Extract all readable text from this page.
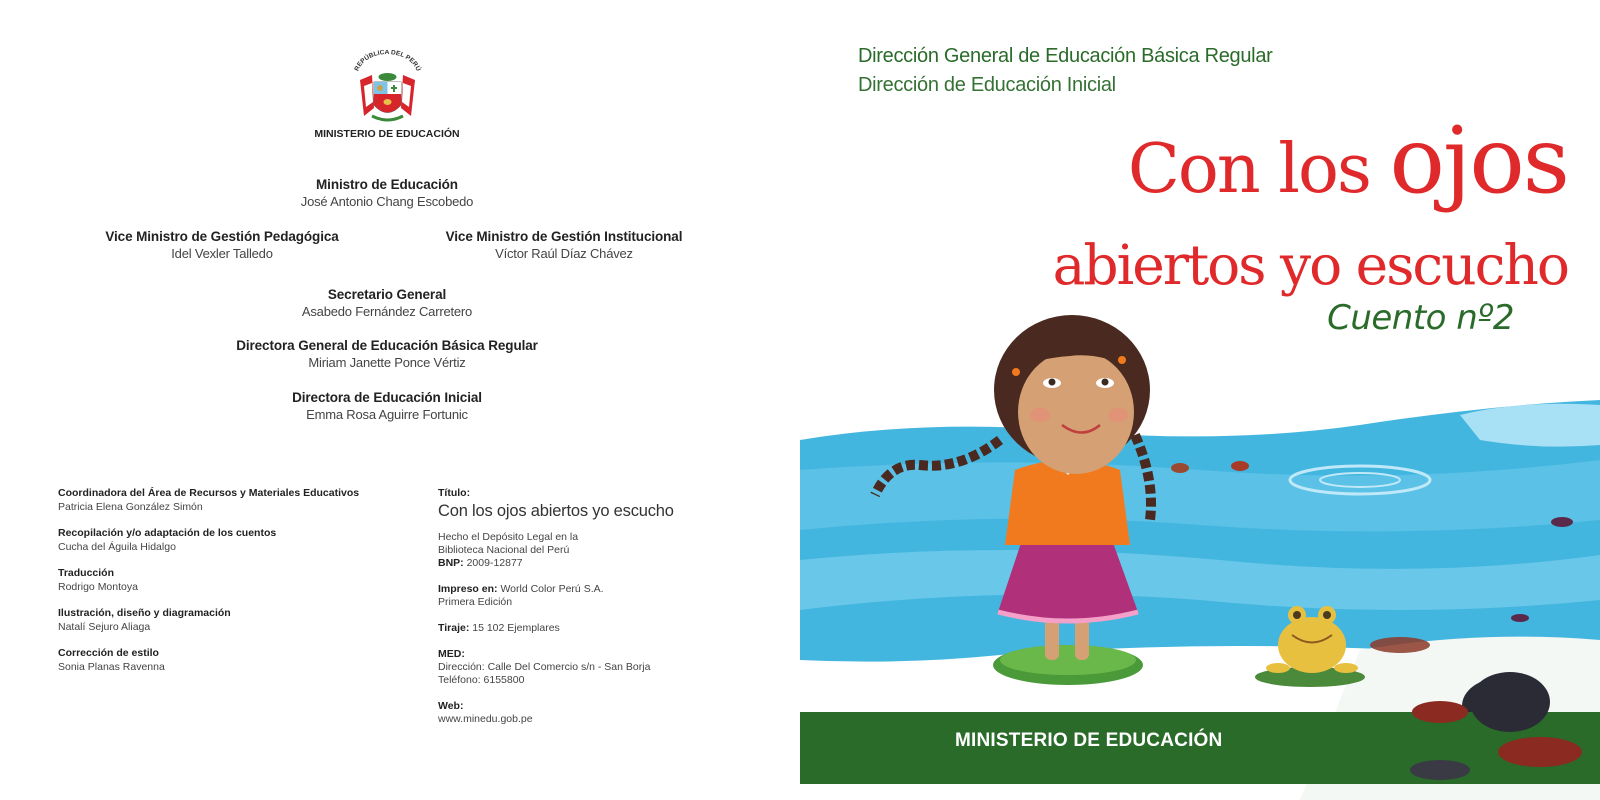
REPÚBLICA DEL PERÚ
MINISTERIO DE EDUCACIÓN
Ministro de Educación
José Antonio Chang Escobedo
Vice Ministro de Gestión Pedagógica
Idel Vexler Talledo
Vice Ministro de Gestión Institucional
Víctor Raúl Díaz Chávez
Secretario General
Asabedo Fernández Carretero
Directora General de Educación Básica Regular
Miriam Janette Ponce Vértiz
Directora de Educación Inicial
Emma Rosa Aguirre Fortunic
Coordinadora del Área de Recursos y Materiales Educativos
Patricia Elena González Simón
Recopilación y/o adaptación de los cuentos
Cucha del Águila Hidalgo
Traducción
Rodrigo Montoya
Ilustración, diseño y diagramación
Natalí Sejuro Aliaga
Corrección de estilo
Sonia Planas Ravenna
Título:
Con los ojos abiertos yo escucho
Hecho el Depósito Legal en la
Biblioteca Nacional del Perú
BNP: 2009-12877
Impreso en: World Color Perú S.A.
Primera Edición
Tiraje: 15 102 Ejemplares
MED:
Dirección: Calle Del Comercio s/n - San Borja
Teléfono: 6155800
Web:
www.minedu.gob.pe
Dirección General de Educación Básica Regular
Dirección de Educación Inicial
Con los ojos
abiertos yo escucho
Cuento nº2
MINISTERIO DE EDUCACIÓN
